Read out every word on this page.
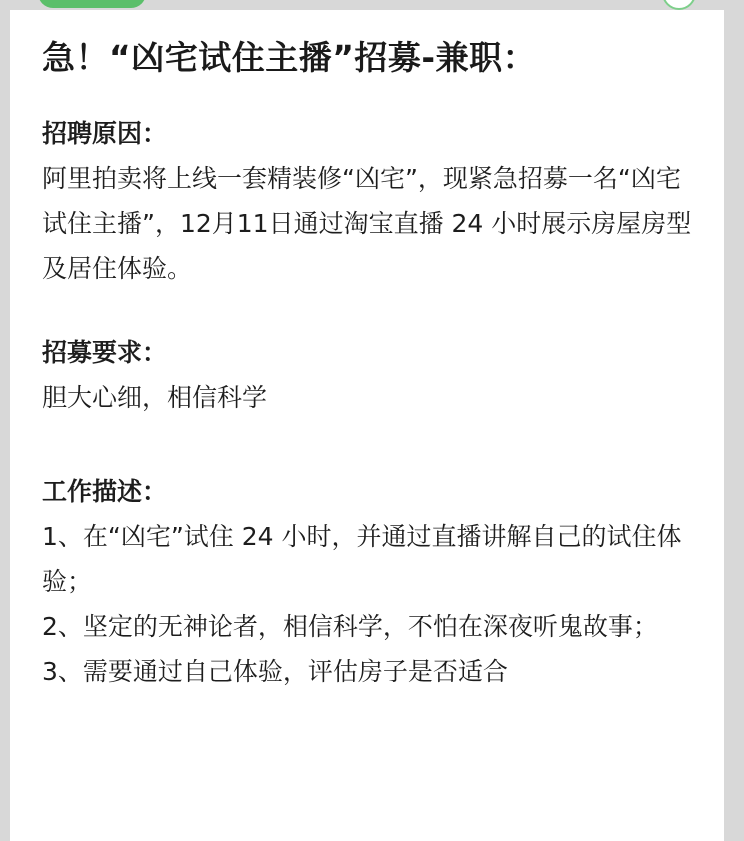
急！“凶宅试住主播”招募-兼职：
招聘原因：

阿里拍卖将上线一套精装修“凶宅”，现紧急招募一名“凶宅试住主播”，12月11日通过淘宝直播 24 小时展示房屋房型及居住体验。

招募要求：

胆大心细，相信科学

工作描述：

1、在“凶宅”试住 24 小时，并通过直播讲解自己的试住体验；

2、坚定的无神论者，相信科学，不怕在深夜听鬼故事；

3、需要通过自己体验，评估房子是否适合
